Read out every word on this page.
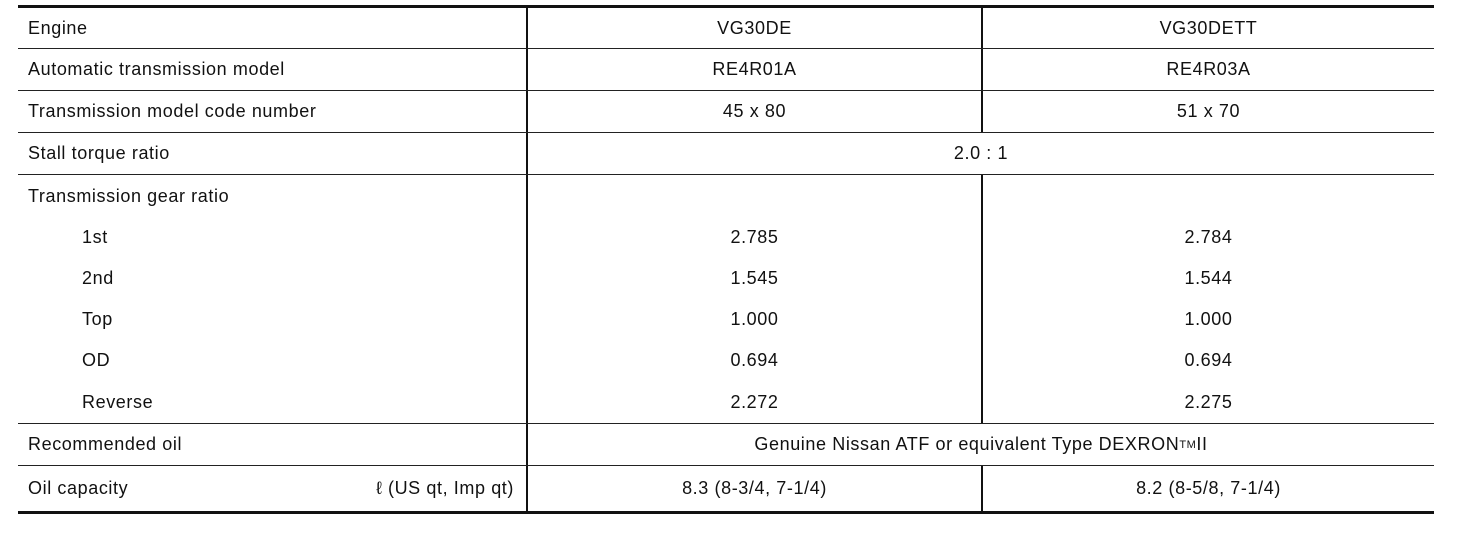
Engine	VG30DE	VG30DETT
Automatic transmission model	RE4R01A	RE4R03A
Transmission model code number	45 x 80	51 x 70
Stall torque ratio	2.0 : 1
Transmission gear ratio
1st	2.785	2.784
2nd	1.545	1.544
Top	1.000	1.000
OD	0.694	0.694
Reverse	2.272	2.275
Recommended oil	Genuine Nissan ATF or equivalent Type DEXRON TM II
Oil capacity	ℓ (US qt, Imp qt)	8.3 (8-3/4, 7-1/4)	8.2 (8-5/8, 7-1/4)
